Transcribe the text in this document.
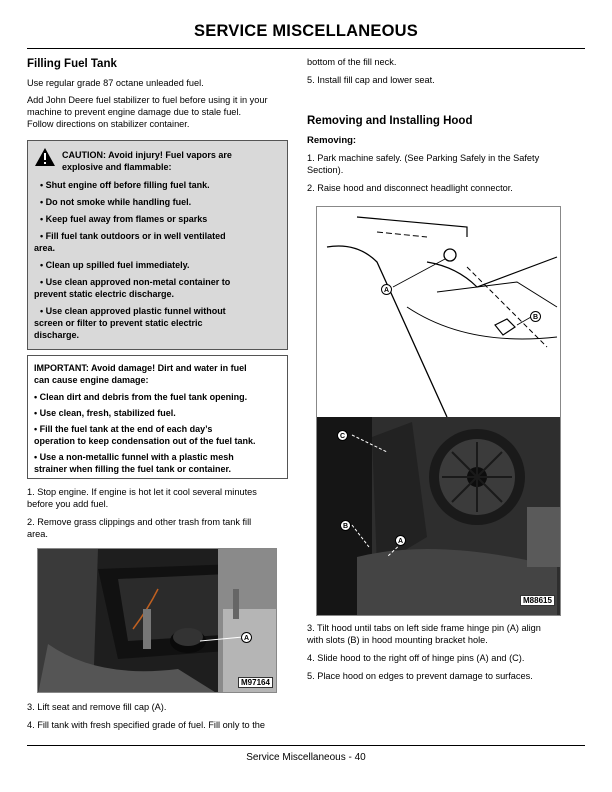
SERVICE MISCELLANEOUS
Filling Fuel Tank

Use regular grade 87 octane unleaded fuel.

Add John Deere fuel stabilizer to fuel before using it in your

machine to prevent engine damage due to stale fuel.

Follow directions on stabilizer container.

CAUTION: Avoid injury! Fuel vapors are
explosive and flammable:
• Shut engine off before filling fuel tank.
• Do not smoke while handling fuel.
• Keep fuel away from flames or sparks
• Fill fuel tank outdoors or in well ventilated
area.
• Clean up spilled fuel immediately.
• Use clean approved non-metal container to
prevent static electric discharge.
• Use clean approved plastic funnel without
screen or filter to prevent static electric
discharge.
IMPORTANT: Avoid damage! Dirt and water in fuel
can cause engine damage:
• Clean dirt and debris from the fuel tank opening.
• Use clean, fresh, stabilized fuel.
• Fill the fuel tank at the end of each day’s
operation to keep condensation out of the fuel tank.
• Use a non-metallic funnel with a plastic mesh
strainer when filling the fuel tank or container.

1. Stop engine. If engine is hot let it cool several minutes

before you add fuel.

2. Remove grass clippings and other trash from tank fill

area.

A
M97164

3. Lift seat and remove fill cap (A).

4. Fill tank with fresh specified grade of fuel. Fill only to the

bottom of the fill neck.

5. Install fill cap and lower seat.

Removing and Installing Hood
Removing:

1. Park machine safely. (See Parking Safely in the Safety

Section).

2. Raise hood and disconnect headlight connector.

A
B
C
B
A
M88615

3. Tilt hood until tabs on left side frame hinge pin (A) align

with slots (B) in hood mounting bracket hole.

4. Slide hood to the right off of hinge pins (A) and (C).

5. Place hood on edges to prevent damage to surfaces.

Service Miscellaneous - 40
